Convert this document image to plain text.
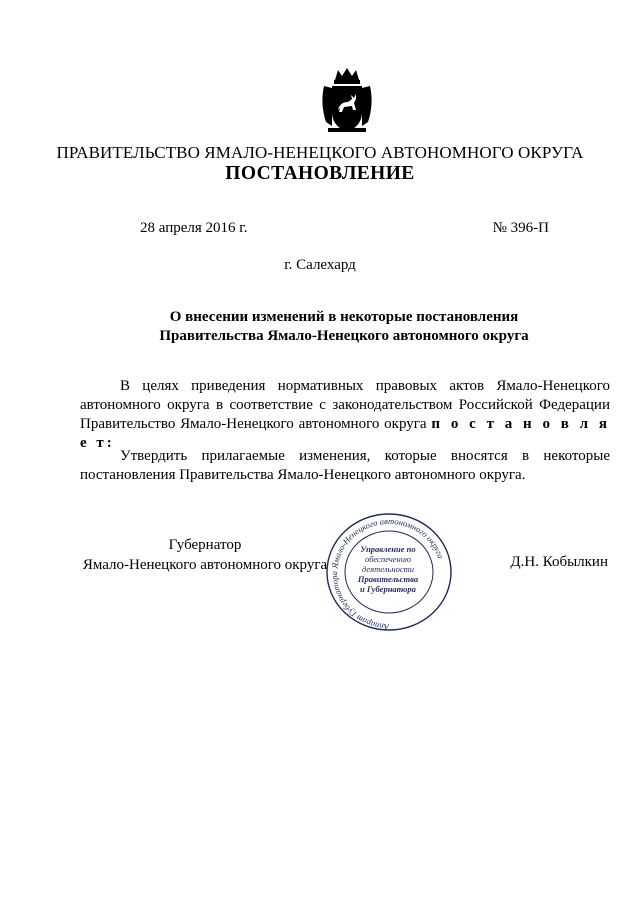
ПРАВИТЕЛЬСТВО ЯМАЛО-НЕНЕЦКОГО АВТОНОМНОГО ОКРУГА
ПОСТАНОВЛЕНИЕ
28 апреля 2016 г.	№ 396-П
г. Салехард
О внесении изменений в некоторые постановления
Правительства Ямало-Ненецкого автономного округа
В целях приведения нормативных правовых актов Ямало-Ненецкого автономного округа в соответствие с законодательством Российской Федерации Правительство Ямало-Ненецкого автономного округа п о с т а н о в л я е т:
Утвердить прилагаемые изменения, которые вносятся в некоторые постановления Правительства Ямало-Ненецкого автономного округа.
Губернатор
Ямало-Ненецкого автономного округа
Аппарат Губернатора Ямало-Ненецкого автономного округа
Управление по
обеспечению
деятельности
Правительства
и Губернатора
Д.Н. Кобылкин
